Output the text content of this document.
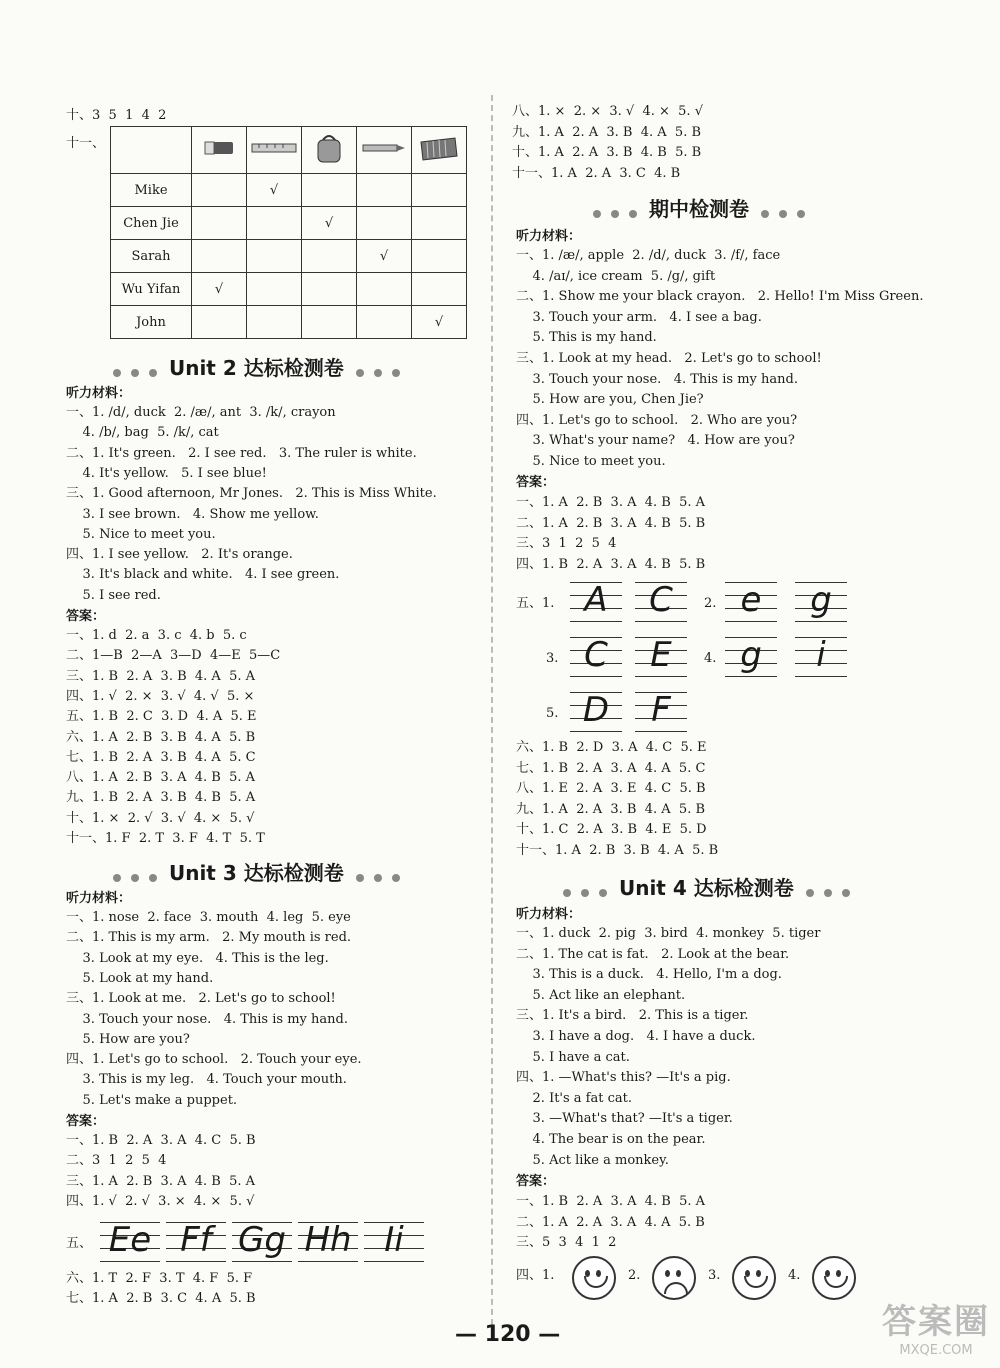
十、3  5  1  4  2
十一、

Mike		√			
Chen Jie			√		
Sarah				√	
Wu Yifan	√				
John					√
Unit 2 达标检测卷
听力材料：
一、1. /d/, duck  2. /æ/, ant  3. /k/, crayon
4. /b/, bag  5. /k/, cat
二、1. It's green.   2. I see red.   3. The ruler is white.
4. It's yellow.   5. I see blue!
三、1. Good afternoon, Mr Jones.   2. This is Miss White.
3. I see brown.   4. Show me yellow.
5. Nice to meet you.
四、1. I see yellow.   2. It's orange.
3. It's black and white.   4. I see green.
5. I see red.
答案：
一、1. d  2. a  3. c  4. b  5. c
二、1—B  2—A  3—D  4—E  5—C
三、1. B  2. A  3. B  4. A  5. A
四、1. √  2. ×  3. √  4. √  5. ×
五、1. B  2. C  3. D  4. A  5. E
六、1. A  2. B  3. B  4. A  5. B
七、1. B  2. A  3. B  4. A  5. C
八、1. A  2. B  3. A  4. B  5. A
九、1. B  2. A  3. B  4. B  5. A
十、1. ×  2. √  3. √  4. ×  5. √
十一、1. F  2. T  3. F  4. T  5. T
Unit 3 达标检测卷
听力材料：
一、1. nose  2. face  3. mouth  4. leg  5. eye
二、1. This is my arm.   2. My mouth is red.
3. Look at my eye.   4. This is the leg.
5. Look at my hand.
三、1. Look at me.   2. Let's go to school!
3. Touch your nose.   4. This is my hand.
5. How are you?
四、1. Let's go to school.   2. Touch your eye.
3. This is my leg.   4. Touch your mouth.
5. Let's make a puppet.
答案：
一、1. B  2. A  3. A  4. C  5. B
二、3  1  2  5  4
三、1. A  2. B  3. A  4. B  5. A
四、1. √  2. √  3. ×  4. ×  5. √
五、 Ee Ff Gg Hh Ii
六、1. T  2. F  3. T  4. F  5. F
七、1. A  2. B  3. C  4. A  5. B
八、1. ×  2. ×  3. √  4. ×  5. √
九、1. A  2. A  3. B  4. A  5. B
十、1. A  2. A  3. B  4. B  5. B
十一、1. A  2. A  3. C  4. B
期中检测卷
听力材料：
一、1. /æ/, apple  2. /d/, duck  3. /f/, face
4. /aɪ/, ice cream  5. /g/, gift
二、1. Show me your black crayon.   2. Hello! I'm Miss Green.
3. Touch your arm.   4. I see a bag.
5. This is my hand.
三、1. Look at my head.   2. Let's go to school!
3. Touch your nose.   4. This is my hand.
5. How are you, Chen Jie?
四、1. Let's go to school.   2. Who are you?
3. What's your name?   4. How are you?
5. Nice to meet you.
答案：
一、1. A  2. B  3. A  4. B  5. A
二、1. A  2. B  3. A  4. B  5. B
三、3  1  2  5  4
四、1. B  2. A  3. A  4. B  5. B
五、1.	2.
3.	4.
5.
A	C	e	g
C	E	g	i
D	F
六、1. B  2. D  3. A  4. C  5. E
七、1. B  2. A  3. A  4. A  5. C
八、1. E  2. A  3. E  4. C  5. B
九、1. A  2. A  3. B  4. A  5. B
十、1. C  2. A  3. B  4. E  5. D
十一、1. A  2. B  3. B  4. A  5. B
Unit 4 达标检测卷
听力材料：
一、1. duck  2. pig  3. bird  4. monkey  5. tiger
二、1. The cat is fat.   2. Look at the bear.
3. This is a duck.   4. Hello, I'm a dog.
5. Act like an elephant.
三、1. It's a bird.   2. This is a tiger.
3. I have a dog.   4. I have a duck.
5. I have a cat.
四、1. —What's this? —It's a pig.
2. It's a fat cat.
3. —What's that? —It's a tiger.
4. The bear is on the pear.
5. Act like a monkey.
答案：
一、1. B  2. A  3. A  4. B  5. A
二、1. A  2. A  3. A  4. A  5. B
三、5  3  4  1  2
四、1.	2.	3.	4.
— 120 —	答案圈
MXQE.COM
